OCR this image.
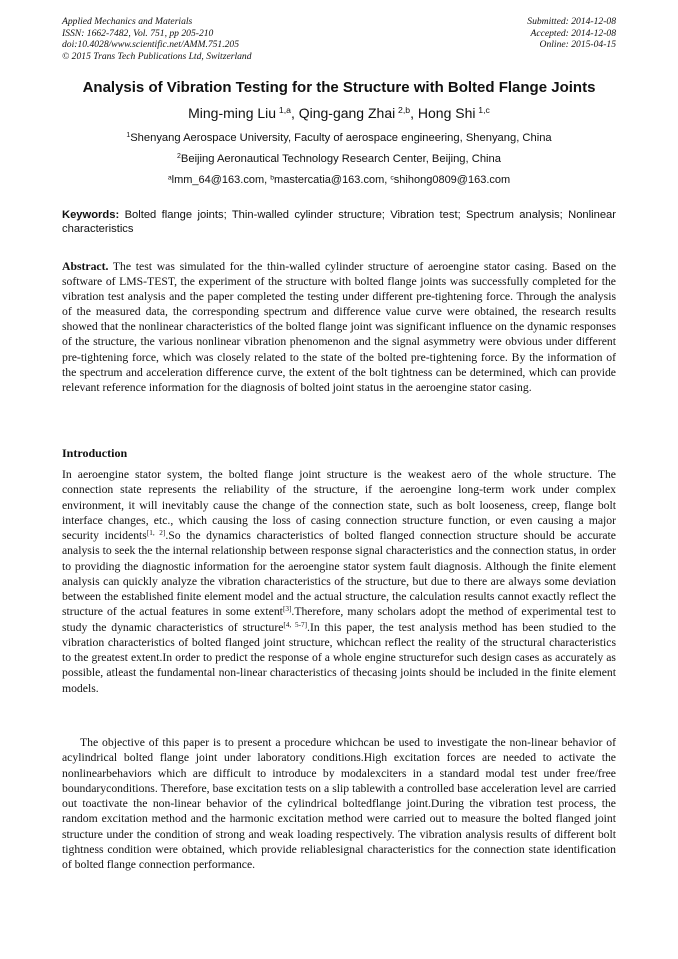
Applied Mechanics and Materials
ISSN: 1662-7482, Vol. 751, pp 205-210
doi:10.4028/www.scientific.net/AMM.751.205
© 2015 Trans Tech Publications Ltd, Switzerland
Submitted: 2014-12-08
Accepted: 2014-12-08
Online: 2015-04-15
Analysis of Vibration Testing for the Structure with Bolted Flange Joints
Ming-ming Liu  $^{1,a}$, Qing-gang Zhai  $^{2,b}$, Hong Shi  $^{1,c}$
$^1$Shenyang Aerospace University, Faculty of aerospace engineering, Shenyang, China
$^2$Beijing Aeronautical Technology Research Center, Beijing, China
$^a$lmm_64@163.com, $^b$mastercatia@163.com, $^c$shihong0809@163.com
Keywords: Bolted flange joints; Thin-walled cylinder structure; Vibration test; Spectrum analysis; Nonlinear characteristics

Abstract. The test was simulated for the thin-walled cylinder structure of aeroengine stator casing. Based on the software of LMS-TEST, the experiment of the structure with bolted flange joints was successfully completed for the vibration test analysis and the paper completed the testing under different pre-tightening force. Through the analysis of the measured data, the corresponding spectrum and difference value curve were obtained, the research results showed that the nonlinear characteristics of the bolted flange joint was significant influence on the dynamic responses of the structure, the various nonlinear vibration phenomenon and the signal asymmetry were obvious under different pre-tightening force, which was closely related to the state of the bolted pre-tightening force. By the information of the spectrum and acceleration difference curve, the extent of the bolt tightness can be determined, which can provide relevant reference information for the diagnosis of bolted joint status in the aeroengine stator casing.

Introduction

In aeroengine stator system, the bolted flange joint structure is the weakest aero of the whole structure. The connection state represents the reliability of the structure, if the aeroengine long-term work under complex environment, it will inevitably cause the change of the connection state, such as bolt looseness, creep, flange bolt interface changes, etc., which causing the loss of casing connection structure function, or even causing a major security incidents[1, 2].So the dynamics characteristics of bolted flanged connection structure should be accurate analysis to seek the the internal relationship between response signal characteristics and the connection status, in order to providing the diagnostic information for the aeroengine stator system fault diagnosis. Although the finite element analysis can quickly analyze the vibration characteristics of the structure, but due to there are always some deviation between the established finite element model and the actual structure, the calculation results cannot exactly reflect the structure of the actual features in some extent[3].Therefore, many scholars adopt the method of experimental test to study the dynamic characteristics of structure[4, 5-7].In this paper, the test analysis method has been studied to the vibration characteristics of bolted flanged joint structure, whichcan reflect the reality of the structural characteristics to the greatest extent.In order to predict the response of a whole engine structurefor such design cases as accurately as possible, atleast the fundamental non-linear characteristics of thecasing joints should be included in the finite element models.

The objective of this paper is to present a procedure whichcan be used to investigate the non-linear behavior of acylindrical bolted flange joint under laboratory conditions.High excitation forces are needed to activate the nonlinearbehaviors which are difficult to introduce by modalexciters in a standard modal test under free/free boundaryconditions. Therefore, base excitation tests on a slip tablewith a controlled base acceleration level are carried out toactivate the non-linear behavior of the cylindrical boltedflange joint.During the vibration test process, the random excitation method and the harmonic excitation method were carried out to measure the bolted flanged joint structure under the condition of strong and weak loading respectively. The vibration analysis results of different bolt tightness condition were obtained, which provide reliablesignal characteristics for the connection state identification of bolted flange connection performance.
